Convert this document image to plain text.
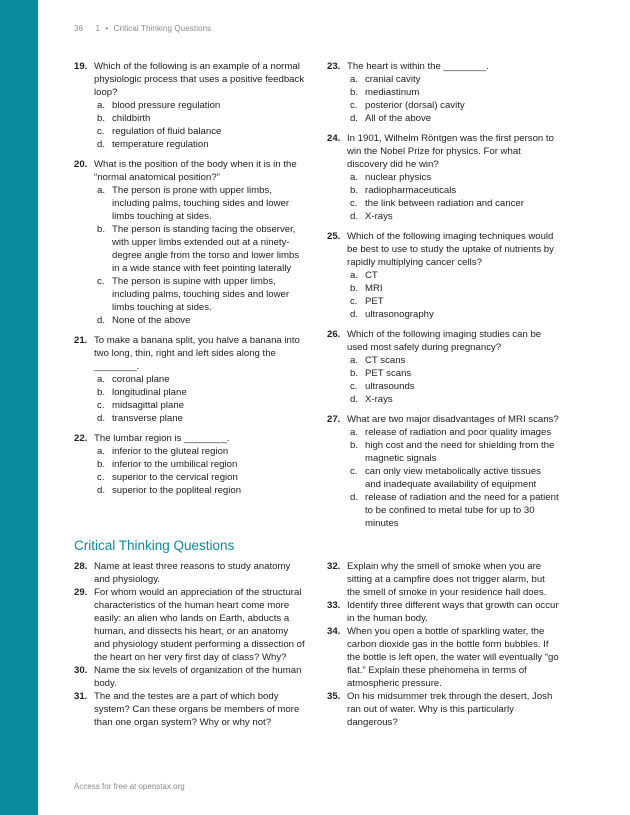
36 1 • Critical Thinking Questions
19. Which of the following is an example of a normal physiologic process that uses a positive feedback loop?
a. blood pressure regulation
b. childbirth
c. regulation of fluid balance
d. temperature regulation
20. What is the position of the body when it is in the “normal anatomical position?”
a. The person is prone with upper limbs, including palms, touching sides and lower limbs touching at sides.
b. The person is standing facing the observer, with upper limbs extended out at a ninety-degree angle from the torso and lower limbs in a wide stance with feet pointing laterally
c. The person is supine with upper limbs, including palms, touching sides and lower limbs touching at sides.
d. None of the above
21. To make a banana split, you halve a banana into two long, thin, right and left sides along the ________.
a. coronal plane
b. longitudinal plane
c. midsagittal plane
d. transverse plane
22. The lumbar region is ________.
a. inferior to the gluteal region
b. inferior to the umbilical region
c. superior to the cervical region
d. superior to the popliteal region
23. The heart is within the ________.
a. cranial cavity
b. mediastinum
c. posterior (dorsal) cavity
d. All of the above
24. In 1901, Wilhelm Röntgen was the first person to win the Nobel Prize for physics. For what discovery did he win?
a. nuclear physics
b. radiopharmaceuticals
c. the link between radiation and cancer
d. X-rays
25. Which of the following imaging techniques would be best to use to study the uptake of nutrients by rapidly multiplying cancer cells?
a. CT
b. MRI
c. PET
d. ultrasonography
26. Which of the following imaging studies can be used most safely during pregnancy?
a. CT scans
b. PET scans
c. ultrasounds
d. X-rays
27. What are two major disadvantages of MRI scans?
a. release of radiation and poor quality images
b. high cost and the need for shielding from the magnetic signals
c. can only view metabolically active tissues and inadequate availability of equipment
d. release of radiation and the need for a patient to be confined to metal tube for up to 30 minutes
Critical Thinking Questions
28. Name at least three reasons to study anatomy and physiology.
29. For whom would an appreciation of the structural characteristics of the human heart come more easily: an alien who lands on Earth, abducts a human, and dissects his heart, or an anatomy and physiology student performing a dissection of the heart on her very first day of class? Why?
30. Name the six levels of organization of the human body.
31. The and the testes are a part of which body system? Can these organs be members of more than one organ system? Why or why not?
32. Explain why the smell of smoke when you are sitting at a campfire does not trigger alarm, but the smell of smoke in your residence hall does.
33. Identify three different ways that growth can occur in the human body.
34. When you open a bottle of sparkling water, the carbon dioxide gas in the bottle form bubbles. If the bottle is left open, the water will eventually “go flat.” Explain these phenomena in terms of atmospheric pressure.
35. On his midsummer trek through the desert, Josh ran out of water. Why is this particularly dangerous?
Access for free at openstax.org
